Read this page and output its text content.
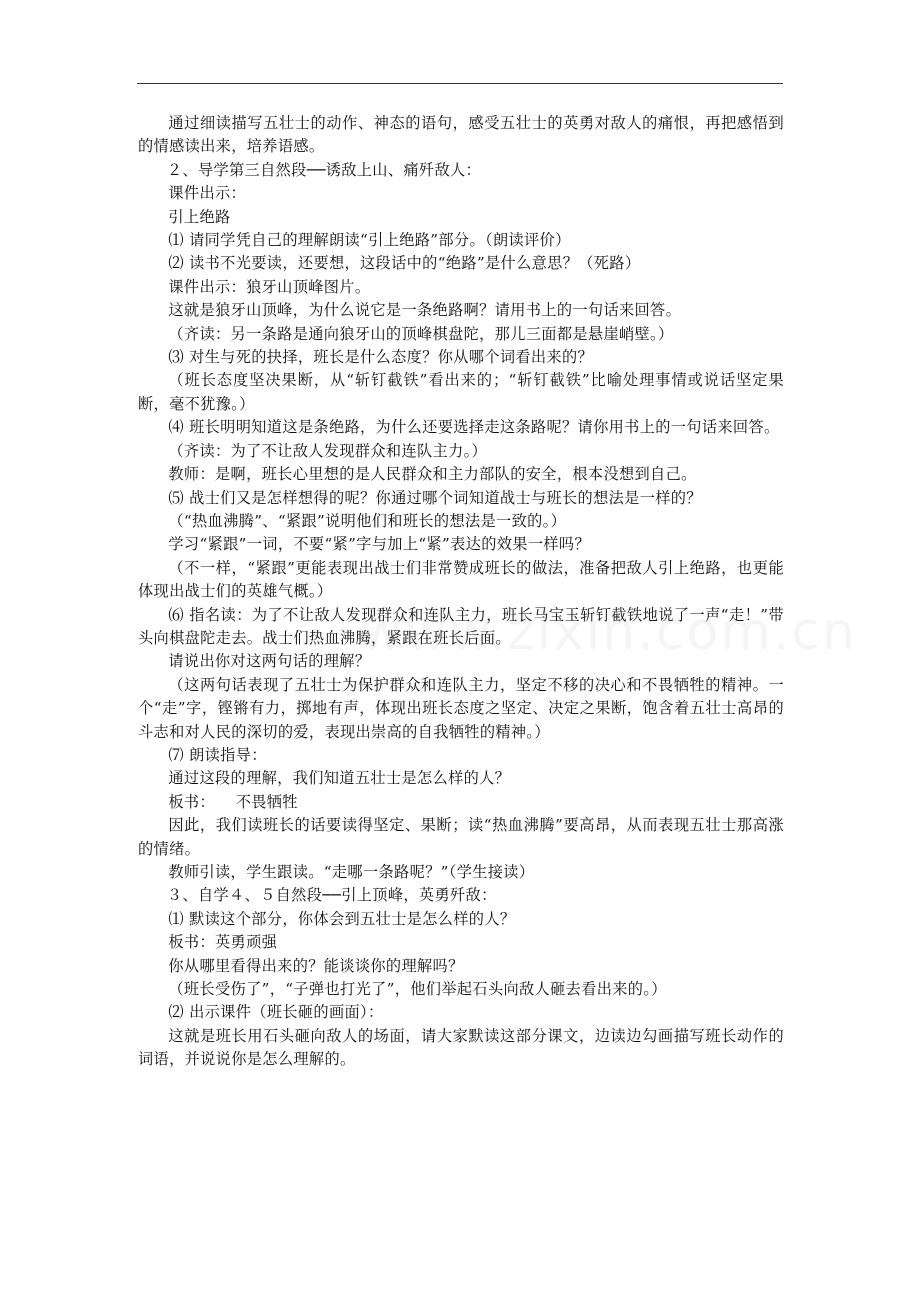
通过细读描写五壮士的动作、神态的语句，感受五壮士的英勇对敌人的痛恨，再把感悟到的情感读出来，培养语感。

２、导学第三自然段──诱敌上山、痛歼敌人：

课件出示：

引上绝路

⑴ 请同学凭自己的理解朗读“引上绝路”部分。（朗读评价）

⑵ 读书不光要读，还要想，这段话中的“绝路”是什么意思？（死路）

课件出示：狼牙山顶峰图片。

这就是狼牙山顶峰，为什么说它是一条绝路啊？请用书上的一句话来回答。

（齐读：另一条路是通向狼牙山的顶峰棋盘陀，那儿三面都是悬崖峭壁。）

⑶ 对生与死的抉择，班长是什么态度？你从哪个词看出来的？

（班长态度坚决果断，从“斩钉截铁”看出来的；“斩钉截铁”比喻处理事情或说话坚定果断，毫不犹豫。）

⑷ 班长明明知道这是条绝路，为什么还要选择走这条路呢？请你用书上的一句话来回答。

（齐读：为了不让敌人发现群众和连队主力。）

教师：是啊，班长心里想的是人民群众和主力部队的安全，根本没想到自己。

⑸ 战士们又是怎样想得的呢？你通过哪个词知道战士与班长的想法是一样的？

（“热血沸腾”、“紧跟”说明他们和班长的想法是一致的。）

学习“紧跟”一词，不要“紧”字与加上“紧”表达的效果一样吗？

（不一样，“紧跟”更能表现出战士们非常赞成班长的做法，准备把敌人引上绝路，也更能体现出战士们的英雄气概。）

⑹ 指名读：为了不让敌人发现群众和连队主力，班长马宝玉斩钉截铁地说了一声“走！”带头向棋盘陀走去。战士们热血沸腾，紧跟在班长后面。

请说出你对这两句话的理解？

（这两句话表现了五壮士为保护群众和连队主力，坚定不移的决心和不畏牺牲的精神。一个“走”字，铿锵有力，掷地有声，体现出班长态度之坚定、决定之果断，饱含着五壮士高昂的斗志和对人民的深切的爱，表现出崇高的自我牺牲的精神。）

⑺ 朗读指导：

通过这段的理解，我们知道五壮士是怎么样的人？

板书：    不畏牺牲

因此，我们读班长的话要读得坚定、果断；读“热血沸腾”要高昂，从而表现五壮士那高涨的情绪。

教师引读，学生跟读。“走哪一条路呢？”（学生接读）

３、自学４、５自然段──引上顶峰，英勇歼敌：

⑴ 默读这个部分，你体会到五壮士是怎么样的人？

板书：英勇顽强

你从哪里看得出来的？能谈谈你的理解吗？

（班长受伤了”，“子弹也打光了”，他们举起石头向敌人砸去看出来的。）

⑵ 出示课件（班长砸的画面）：

这就是班长用石头砸向敌人的场面，请大家默读这部分课文，边读边勾画描写班长动作的词语，并说说你是怎么理解的。
